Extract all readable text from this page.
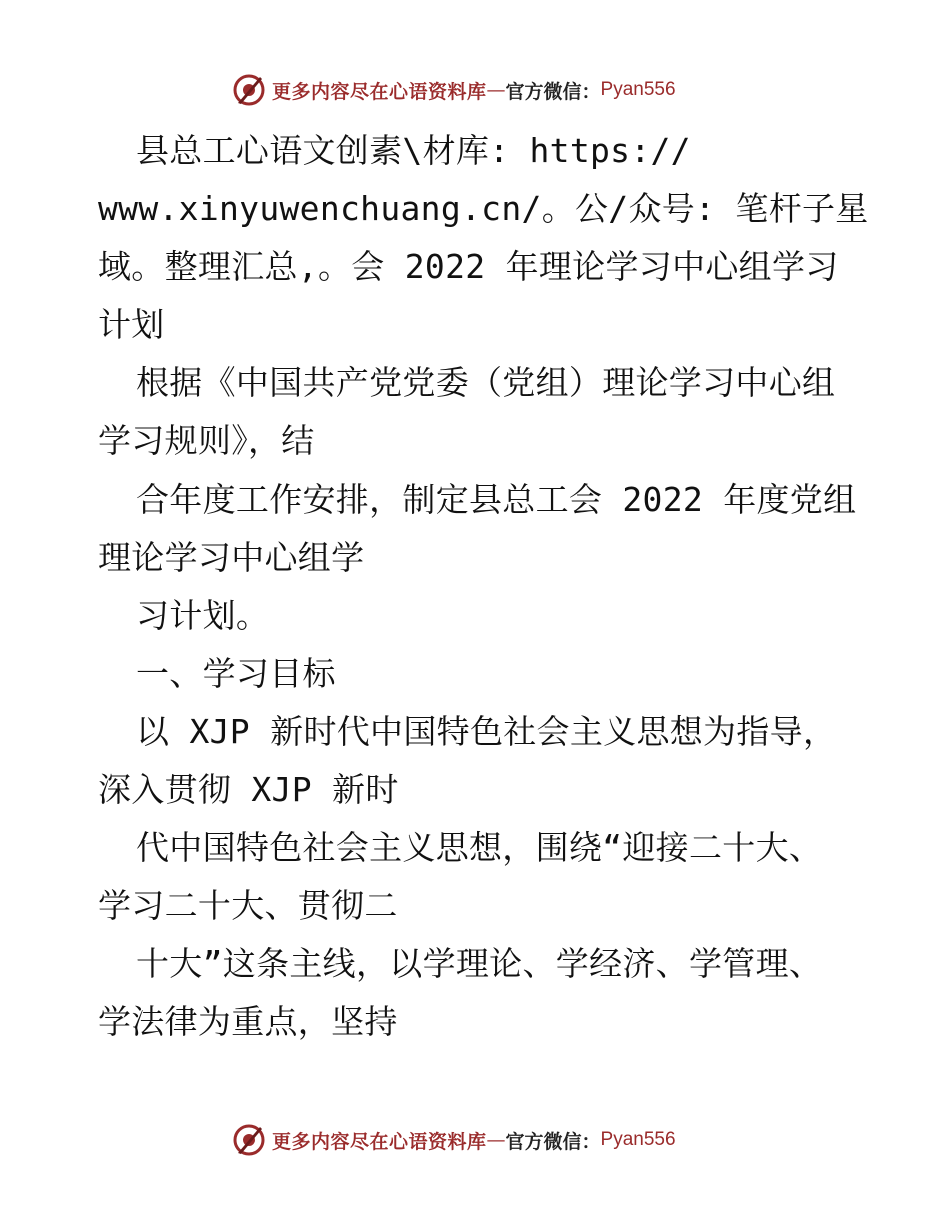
更多内容尽在心语资料库 — 官方微信： Pyan556
县总工心语文创素\材库: https://
www.xinyuwenchuang.cn/。公/众号: 笔杆子星
域。整理汇总,。会 2022 年理论学习中心组学习
计划
根据《中国共产党党委（党组）理论学习中心组
学习规则》，结
合年度工作安排，制定县总工会 2022 年度党组
理论学习中心组学
习计划。
一、学习目标
以 XJP 新时代中国特色社会主义思想为指导，
深入贯彻 XJP 新时
代中国特色社会主义思想，围绕“迎接二十大、
学习二十大、贯彻二
十大”这条主线，以学理论、学经济、学管理、
学法律为重点，坚持
更多内容尽在心语资料库 — 官方微信： Pyan556
